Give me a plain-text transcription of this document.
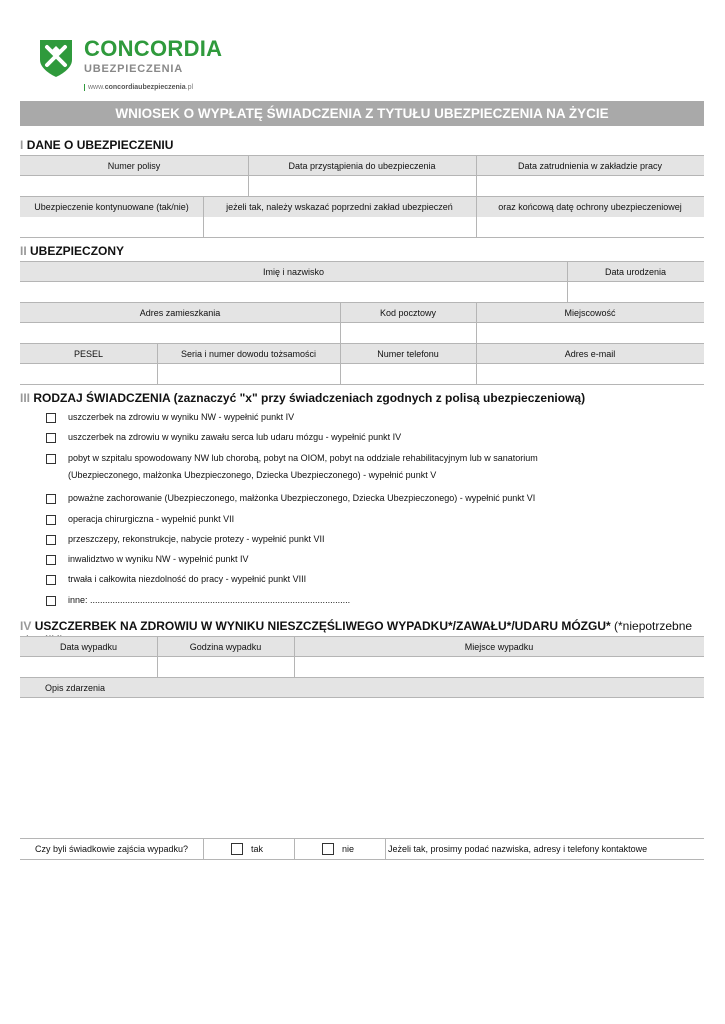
CONCORDIA
UBEZPIECZENIA
www.concordiaubezpieczenia.pl
WNIOSEK O WYPŁATĘ ŚWIADCZENIA Z TYTUŁU UBEZPIECZENIA NA ŻYCIE
I DANE O UBEZPIECZENIU
Numer polisy	Data przystąpienia do ubezpieczenia	Data zatrudnienia w zakładzie pracy
Ubezpieczenie kontynuowane (tak/nie)	jeżeli tak, należy wskazać poprzedni zakład ubezpieczeń	oraz końcową datę ochrony ubezpieczeniowej
II UBEZPIECZONY
Imię i nazwisko	Data urodzenia
Adres zamieszkania	Kod pocztowy	Miejscowość
PESEL	Seria i numer dowodu tożsamości	Numer telefonu	Adres e-mail
III RODZAJ ŚWIADCZENIA (zaznaczyć "x" przy świadczeniach zgodnych z polisą ubezpieczeniową)
uszczerbek na zdrowiu w wyniku NW - wypełnić punkt IV
uszczerbek na zdrowiu w wyniku zawału serca lub udaru mózgu - wypełnić punkt IV
pobyt w szpitalu spowodowany NW lub chorobą, pobyt na OIOM, pobyt na oddziale rehabilitacyjnym lub w sanatorium
(Ubezpieczonego, małżonka Ubezpieczonego, Dziecka Ubezpieczonego) - wypełnić punkt V
poważne zachorowanie (Ubezpieczonego, małżonka Ubezpieczonego, Dziecka Ubezpieczonego) - wypełnić punkt VI
operacja chirurgiczna - wypełnić punkt VII
przeszczepy, rekonstrukcje, nabycie protezy - wypełnić punkt VII
inwalidztwo w wyniku NW - wypełnić punkt IV
trwała i całkowita niezdolność do pracy - wypełnić punkt VIII
inne: ........................................................................................................
IV USZCZERBEK NA ZDROWIU W WYNIKU NIESZCZĘŚLIWEGO WYPADKU*/ZAWAŁU*/UDARU MÓZGU* (*niepotrzebne
Data wypadku	Godzina wypadku	Miejsce wypadku
Opis zdarzenia
Czy byli świadkowie zajścia wypadku?	tak	nie	Jeżeli tak, prosimy podać nazwiska, adresy i telefony kontaktowe
